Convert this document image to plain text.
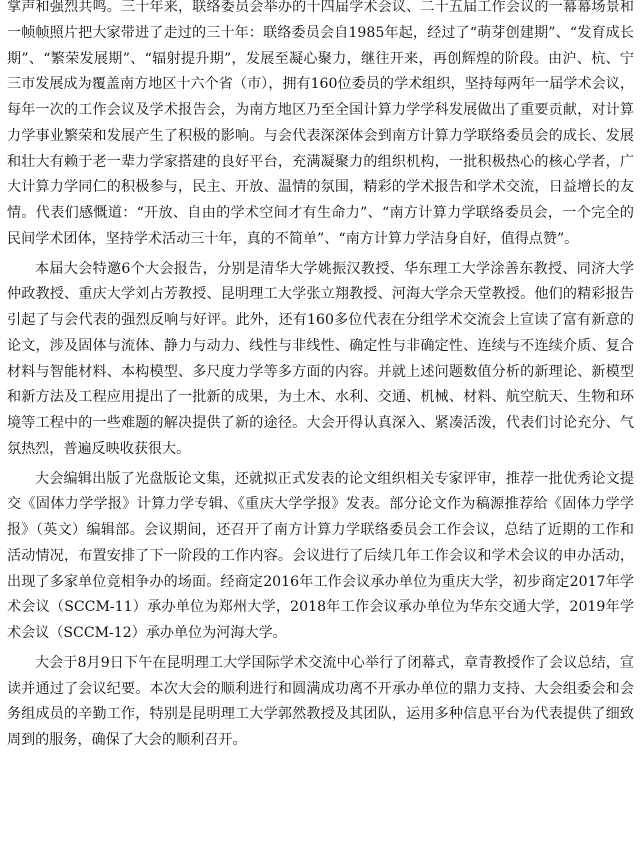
掌声和强烈共鸣。三十年来，联络委员会举办的十四届学术会议、二十五届工作会议的一幕幕场景和一帧帧照片把大家带进了走过的三十年：联络委员会自1985年起，经过了“萌芽创建期”、“发育成长期”、“繁荣发展期”、“辐射提升期”，发展至凝心聚力，继往开来，再创辉煌的阶段。由沪、杭、宁三市发展成为覆盖南方地区十六个省（市），拥有160位委员的学术组织，坚持每两年一届学术会议，每年一次的工作会议及学术报告会，为南方地区乃至全国计算力学学科发展做出了重要贡献，对计算力学事业繁荣和发展产生了积极的影响。与会代表深深体会到南方计算力学联络委员会的成长、发展和壮大有赖于老一辈力学家搭建的良好平台，充满凝聚力的组织机构，一批积极热心的核心学者，广大计算力学同仁的积极参与，民主、开放、温情的氛围，精彩的学术报告和学术交流，日益增长的友情。代表们感慨道：“开放、自由的学术空间才有生命力”、“南方计算力学联络委员会，一个完全的民间学术团体，坚持学术活动三十年，真的不简单”、“南方计算力学洁身自好，值得点赞”。

本届大会特邀6个大会报告，分别是清华大学姚振汉教授、华东理工大学涂善东教授、同济大学仲政教授、重庆大学刘占芳教授、昆明理工大学张立翔教授、河海大学佘天堂教授。他们的精彩报告引起了与会代表的强烈反响与好评。此外，还有160多位代表在分组学术交流会上宣读了富有新意的论文，涉及固体与流体、静力与动力、线性与非线性、确定性与非确定性、连续与不连续介质、复合材料与智能材料、本构模型、多尺度力学等多方面的内容。并就上述问题数值分析的新理论、新模型和新方法及工程应用提出了一批新的成果，为土木、水利、交通、机械、材料、航空航天、生物和环境等工程中的一些难题的解决提供了新的途径。大会开得认真深入、紧凑活泼，代表们讨论充分、气氛热烈，普遍反映收获很大。

大会编辑出版了光盘版论文集，还就拟正式发表的论文组织相关专家评审，推荐一批优秀论文提交《固体力学学报》计算力学专辑、《重庆大学学报》发表。部分论文作为稿源推荐给《固体力学学报》（英文）编辑部。会议期间，还召开了南方计算力学联络委员会工作会议，总结了近期的工作和活动情况，布置安排了下一阶段的工作内容。会议进行了后续几年工作会议和学术会议的申办活动，出现了多家单位竞相争办的场面。经商定2016年工作会议承办单位为重庆大学，初步商定2017年学术会议（SCCM-11）承办单位为郑州大学，2018年工作会议承办单位为华东交通大学，2019年学术会议（SCCM-12）承办单位为河海大学。

大会于8月9日下午在昆明理工大学国际学术交流中心举行了闭幕式，章青教授作了会议总结，宣读并通过了会议纪要。本次大会的顺利进行和圆满成功离不开承办单位的鼎力支持、大会组委会和会务组成员的辛勤工作，特别是昆明理工大学郭然教授及其团队，运用多种信息平台为代表提供了细致周到的服务，确保了大会的顺利召开。
